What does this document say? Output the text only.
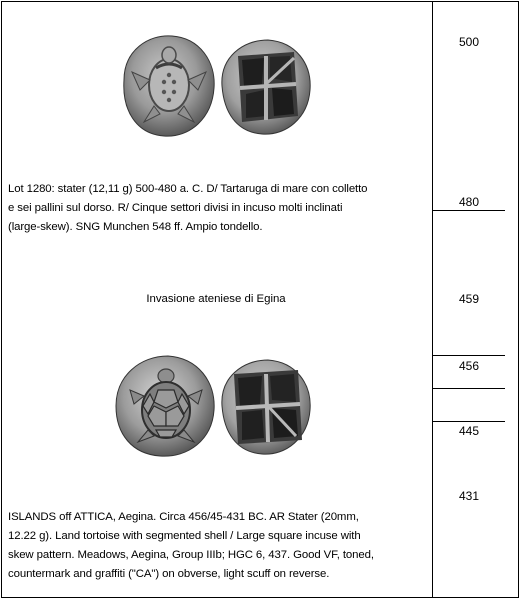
500
480
459
456
445
431
Lot 1280: stater (12,11 g) 500-480 a. C. D/ Tartaruga di mare con colletto
e sei pallini sul dorso. R/ Cinque settori divisi in incuso molti inclinati
(large-skew). SNG Munchen 548 ff. Ampio tondello.
Invasione ateniese di Egina
ISLANDS off ATTICA, Aegina. Circa 456/45-431 BC. AR Stater (20mm,
12.22 g). Land tortoise with segmented shell / Large square incuse with
skew pattern. Meadows, Aegina, Group IIIb; HGC 6, 437. Good VF, toned,
countermark and graffiti ("CA") on obverse, light scuff on reverse.
